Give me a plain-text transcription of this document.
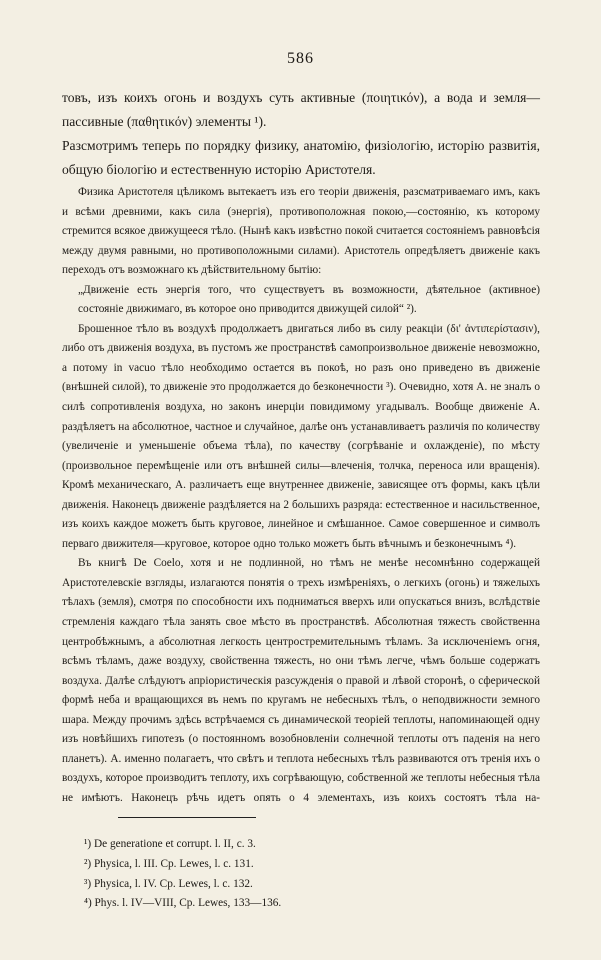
586

товъ, изъ коихъ огонь и воздухъ суть активные (ποιητικόν), а вода и земля—пассивные (παθητικόν) элементы ¹).

Разсмотримъ теперь по порядку физику, анатомію, физіологію, исторію развитія, общую біологію и естественную исторію Аристотеля.

Физика Аристотеля цѣликомъ вытекаетъ изъ его теоріи движенія, разсматриваемаго имъ, какъ и всѣми древними, какъ сила (энергія), противоположная покою,—состоянію, къ которому стремится всякое движущееся тѣло. (Нынѣ какъ извѣстно покой считается состояніемъ равновѣсія между двумя равными, но противоположными силами). Аристотель опредѣляетъ движеніе какъ переходъ отъ возможнаго къ дѣйствительному бытію:

„Движеніе есть энергія того, что существуетъ въ возможности, дѣятельное (активное) состояніе движимаго, въ которое оно приводится движущей силой“ ²).

Брошенное тѣло въ воздухѣ продолжаетъ двигаться либо въ силу реакціи (δι' ἀντιπερίστασιν), либо отъ движенія воздуха, въ пустомъ же пространствѣ самопроизвольное движеніе невозможно, а потому in vacuo тѣло необходимо остается въ покоѣ, но разъ оно приведено въ движеніе (внѣшней силой), то движеніе это продолжается до безконечности ³). Очевидно, хотя А. не зналъ о силѣ сопротивленія воздуха, но законъ инерціи повидимому угадывалъ. Вообще движеніе А. раздѣляетъ на абсолютное, частное и случайное, далѣе онъ устанавливаетъ различія по количеству (увеличеніе и уменьшеніе объема тѣла), по качеству (согрѣваніе и охлажденіе), по мѣсту (произвольное перемѣщеніе или отъ внѣшней силы—влеченія, толчка, переноса или вращенія). Кромѣ механическаго, А. различаетъ еще внутреннее движеніе, зависящее отъ формы, какъ цѣли движенія. Наконецъ движеніе раздѣляется на 2 большихъ разряда: естественное и насильственное, изъ коихъ каждое можетъ быть круговое, линейное и смѣшанное. Самое совершенное и символъ перваго движителя—круговое, которое одно только можетъ быть вѣчнымъ и безконечнымъ ⁴).

Въ книгѣ De Coelo, хотя и не подлинной, но тѣмъ не менѣе несомнѣнно содержащей Аристотелевскіе взгляды, излагаются понятія о трехъ измѣреніяхъ, о легкихъ (огонь) и тяжелыхъ тѣлахъ (земля), смотря по способности ихъ подниматься вверхъ или опускаться внизъ, вслѣдствіе стремленія каждаго тѣла занять свое мѣсто въ пространствѣ. Абсолютная тяжесть свойственна центробѣжнымъ, а абсолютная легкость центростремительнымъ тѣламъ. За исключеніемъ огня, всѣмъ тѣламъ, даже воздуху, свойственна тяжесть, но они тѣмъ легче, чѣмъ больше содержатъ воздуха. Далѣе слѣдуютъ апріористическія разсужденія о правой и лѣвой сторонѣ, о сферической формѣ неба и вращающихся въ немъ по кругамъ не небесныхъ тѣлъ, о неподвижности земного шара. Между прочимъ здѣсь встрѣчаемся съ динамической теоріей теплоты, напоминающей одну изъ новѣйшихъ гипотезъ (о постоянномъ возобновленіи солнечной теплоты отъ паденія на него планетъ). А. именно полагаетъ, что свѣтъ и теплота небесныхъ тѣлъ развиваются отъ тренія ихъ о воздухъ, которое производитъ теплоту, ихъ согрѣвающую, собственной же теплоты небесныя тѣла не имѣютъ. Наконецъ рѣчь идетъ опять о 4 элементахъ, изъ коихъ состоятъ тѣла на-

¹) De generatione et corrupt. l. II, c. 3.
²) Physica, l. III. Cp. Lewes, l. c. 131.
³) Physica, l. IV. Cp. Lewes, l. c. 132.
⁴) Phys. l. IV—VIII, Cp. Lewes, 133—136.
